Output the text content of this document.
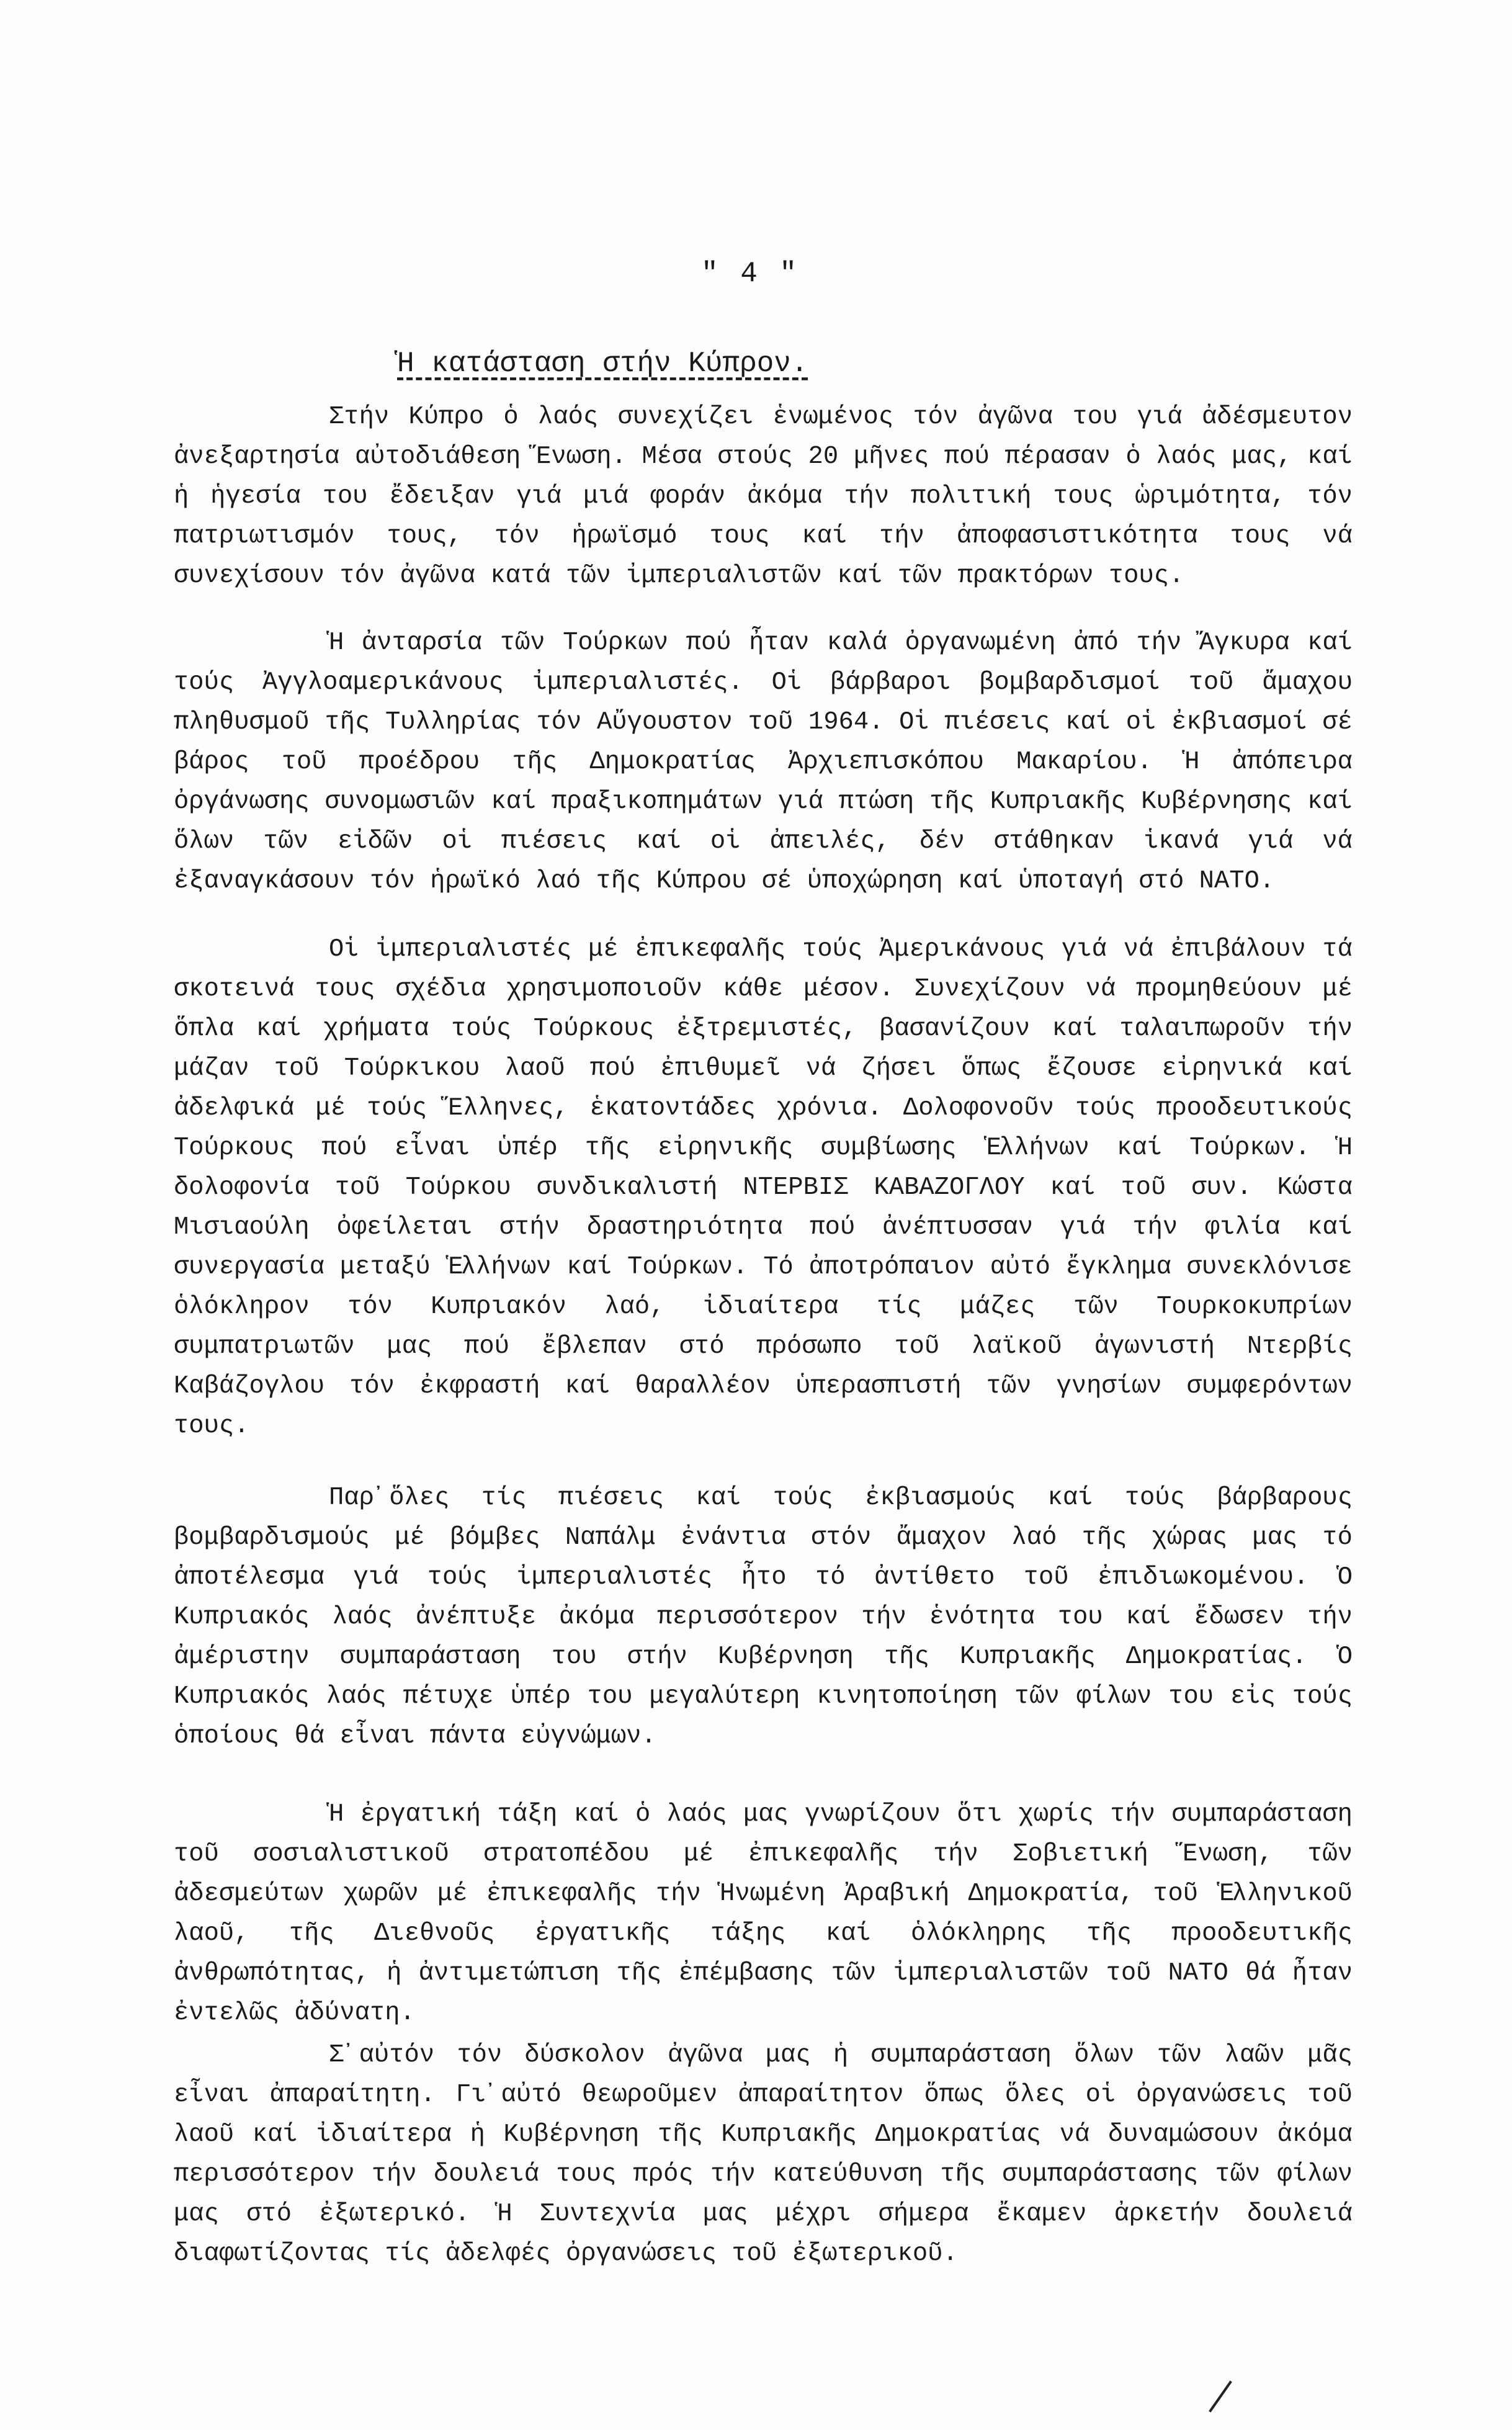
" 4 "
Ἡ κατάσταση στήν Κύπρον.

Στήν Κύπρο ὁ λαός συνεχίζει ἑνωμένος τόν ἀγῶνα του γιά ἀδέσμευτον ἀνεξαρτησία αὐτοδιάθεση Ἕνωση. Μέσα στούς 20 μῆνες πού πέρασαν ὁ λαός μας, καί ἡ ἡγεσία του ἔδειξαν γιά μιά φοράν ἀκόμα τήν πολιτική τους ὡριμότητα, τόν πατριωτισμόν τους, τόν ἡρωϊσμό τους καί τήν ἀποφασιστικότητα τους νά συνεχίσουν τόν ἀγῶνα κατά τῶν ἰμπεριαλιστῶν καί τῶν πρακτόρων τους.

Ἡ ἀνταρσία τῶν Τούρκων πού ἦταν καλά ὀργανωμένη ἀπό τήν Ἄγκυρα καί τούς Ἀγγλοαμερικάνους ἰμπεριαλιστές. Οἱ βάρβαροι βομβαρδισμοί τοῦ ἄμαχου πληθυσμοῦ τῆς Τυλληρίας τόν Αὔγουστον τοῦ 1964. Οἱ πιέσεις καί οἱ ἐκβιασμοί σέ βάρος τοῦ προέδρου τῆς Δημοκρατίας Ἀρχιεπισκόπου Μακαρίου. Ἡ ἀπόπειρα ὀργάνωσης συνομωσιῶν καί πραξικοπημάτων γιά πτώση τῆς Κυπριακῆς Κυβέρνησης καί ὅλων τῶν εἰδῶν οἱ πιέσεις καί οἱ ἀπειλές, δέν στάθηκαν ἱκανά γιά νά ἐξαναγκάσουν τόν ἡρωϊκό λαό τῆς Κύπρου σέ ὑποχώρηση καί ὑποταγή στό ΝΑΤΟ.

Οἱ ἰμπεριαλιστές μέ ἐπικεφαλῆς τούς Ἀμερικάνους γιά νά ἐπιβάλουν τά σκοτεινά τους σχέδια χρησιμοποιοῦν κάθε μέσον. Συνεχίζουν νά προμηθεύουν μέ ὅπλα καί χρήματα τούς Τούρκους ἐξτρεμιστές, βασανίζουν καί ταλαιπωροῦν τήν μάζαν τοῦ Τούρκικου λαοῦ πού ἐπιθυμεῖ νά ζήσει ὅπως ἔζουσε εἰρηνικά καί ἀδελφικά μέ τούς Ἕλληνες, ἑκατοντάδες χρόνια. Δολοφονοῦν τούς προοδευτικούς Τούρκους πού εἶναι ὑπέρ τῆς εἰρηνικῆς συμβίωσης Ἑλλήνων καί Τούρκων. Ἡ δολοφονία τοῦ Τούρκου συνδικαλιστή ΝΤΕΡΒΙΣ ΚΑΒΑΖΟΓΛΟΥ καί τοῦ συν. Κώστα Μισιαούλη ὀφείλεται στήν δραστηριότητα πού ἀνέπτυσσαν γιά τήν φιλία καί συνεργασία μεταξύ Ἑλλήνων καί Τούρκων. Τό ἀποτρόπαιον αὐτό ἔγκλημα συνεκλόνισε ὁλόκληρον τόν Κυπριακόν λαό, ἰδιαίτερα τίς μάζες τῶν Τουρκοκυπρίων συμπατριωτῶν μας πού ἔβλεπαν στό πρόσωπο τοῦ λαϊκοῦ ἀγωνιστή Ντερβίς Καβάζογλου τόν ἐκφραστή καί θαραλλέον ὑπερασπιστή τῶν γνησίων συμφερόντων τους.

Παρ᾽ὅλες τίς πιέσεις καί τούς ἐκβιασμούς καί τούς βάρβαρους βομβαρδισμούς μέ βόμβες Ναπάλμ ἐνάντια στόν ἄμαχον λαό τῆς χώρας μας τό ἀποτέλεσμα γιά τούς ἰμπεριαλιστές ἦτο τό ἀντίθετο τοῦ ἐπιδιωκομένου. Ὁ Κυπριακός λαός ἀνέπτυξε ἀκόμα περισσότερον τήν ἑνότητα του καί ἔδωσεν τήν ἀμέριστην συμπαράσταση του στήν Κυβέρνηση τῆς Κυπριακῆς Δημοκρατίας. Ὁ Κυπριακός λαός πέτυχε ὑπέρ του μεγαλύτερη κινητοποίηση τῶν φίλων του εἰς τούς ὁποίους θά εἶναι πάντα εὐγνώμων.

Ἡ ἐργατική τάξη καί ὁ λαός μας γνωρίζουν ὅτι χωρίς τήν συμπαράσταση τοῦ σοσιαλιστικοῦ στρατοπέδου μέ ἐπικεφαλῆς τήν Σοβιετική Ἕνωση, τῶν ἀδεσμεύτων χωρῶν μέ ἐπικεφαλῆς τήν Ἡνωμένη Ἀραβική Δημοκρατία, τοῦ Ἑλληνικοῦ λαοῦ, τῆς Διεθνοῦς ἐργατικῆς τάξης καί ὁλόκληρης τῆς προοδευτικῆς ἀνθρωπότητας, ἡ ἀντιμετώπιση τῆς ἐπέμβασης τῶν ἰμπεριαλιστῶν τοῦ ΝΑΤΟ θά ἦταν ἐντελῶς ἀδύνατη.

Σ᾽αὐτόν τόν δύσκολον ἀγῶνα μας ἡ συμπαράσταση ὅλων τῶν λαῶν μᾶς εἶναι ἀπαραίτητη. Γι᾽αὐτό θεωροῦμεν ἀπαραίτητον ὅπως ὅλες οἱ ὀργανώσεις τοῦ λαοῦ καί ἰδιαίτερα ἡ Κυβέρνηση τῆς Κυπριακῆς Δημοκρατίας νά δυναμώσουν ἀκόμα περισσότερον τήν δουλειά τους πρός τήν κατεύθυνση τῆς συμπαράστασης τῶν φίλων μας στό ἐξωτερικό. Ἡ Συντεχνία μας μέχρι σήμερα ἔκαμεν ἀρκετήν δουλειά διαφωτίζοντας τίς ἀδελφές ὀργανώσεις τοῦ ἐξωτερικοῦ.
